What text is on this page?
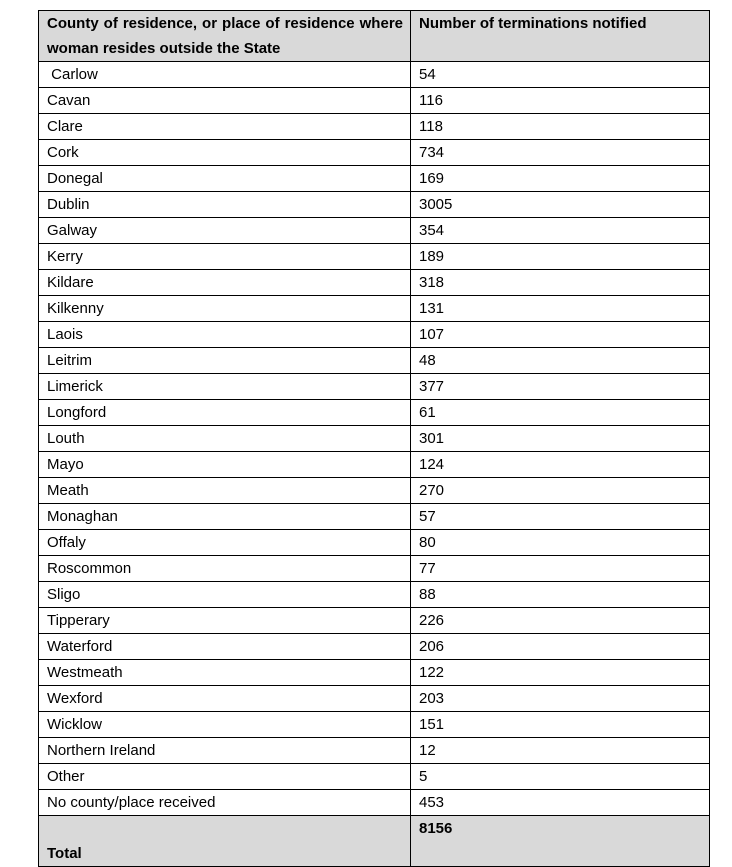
County of residence, or place of residence where woman resides outside the State	Number of terminations notified
Carlow	54
Cavan	116
Clare	118
Cork	734
Donegal	169
Dublin	3005
Galway	354
Kerry	189
Kildare	318
Kilkenny	131
Laois	107
Leitrim	48
Limerick	377
Longford	61
Louth	301
Mayo	124
Meath	270
Monaghan	57
Offaly	80
Roscommon	77
Sligo	88
Tipperary	226
Waterford	206
Westmeath	122
Wexford	203
Wicklow	151
Northern Ireland	12
Other	5
No county/place received	453
Total	8156
